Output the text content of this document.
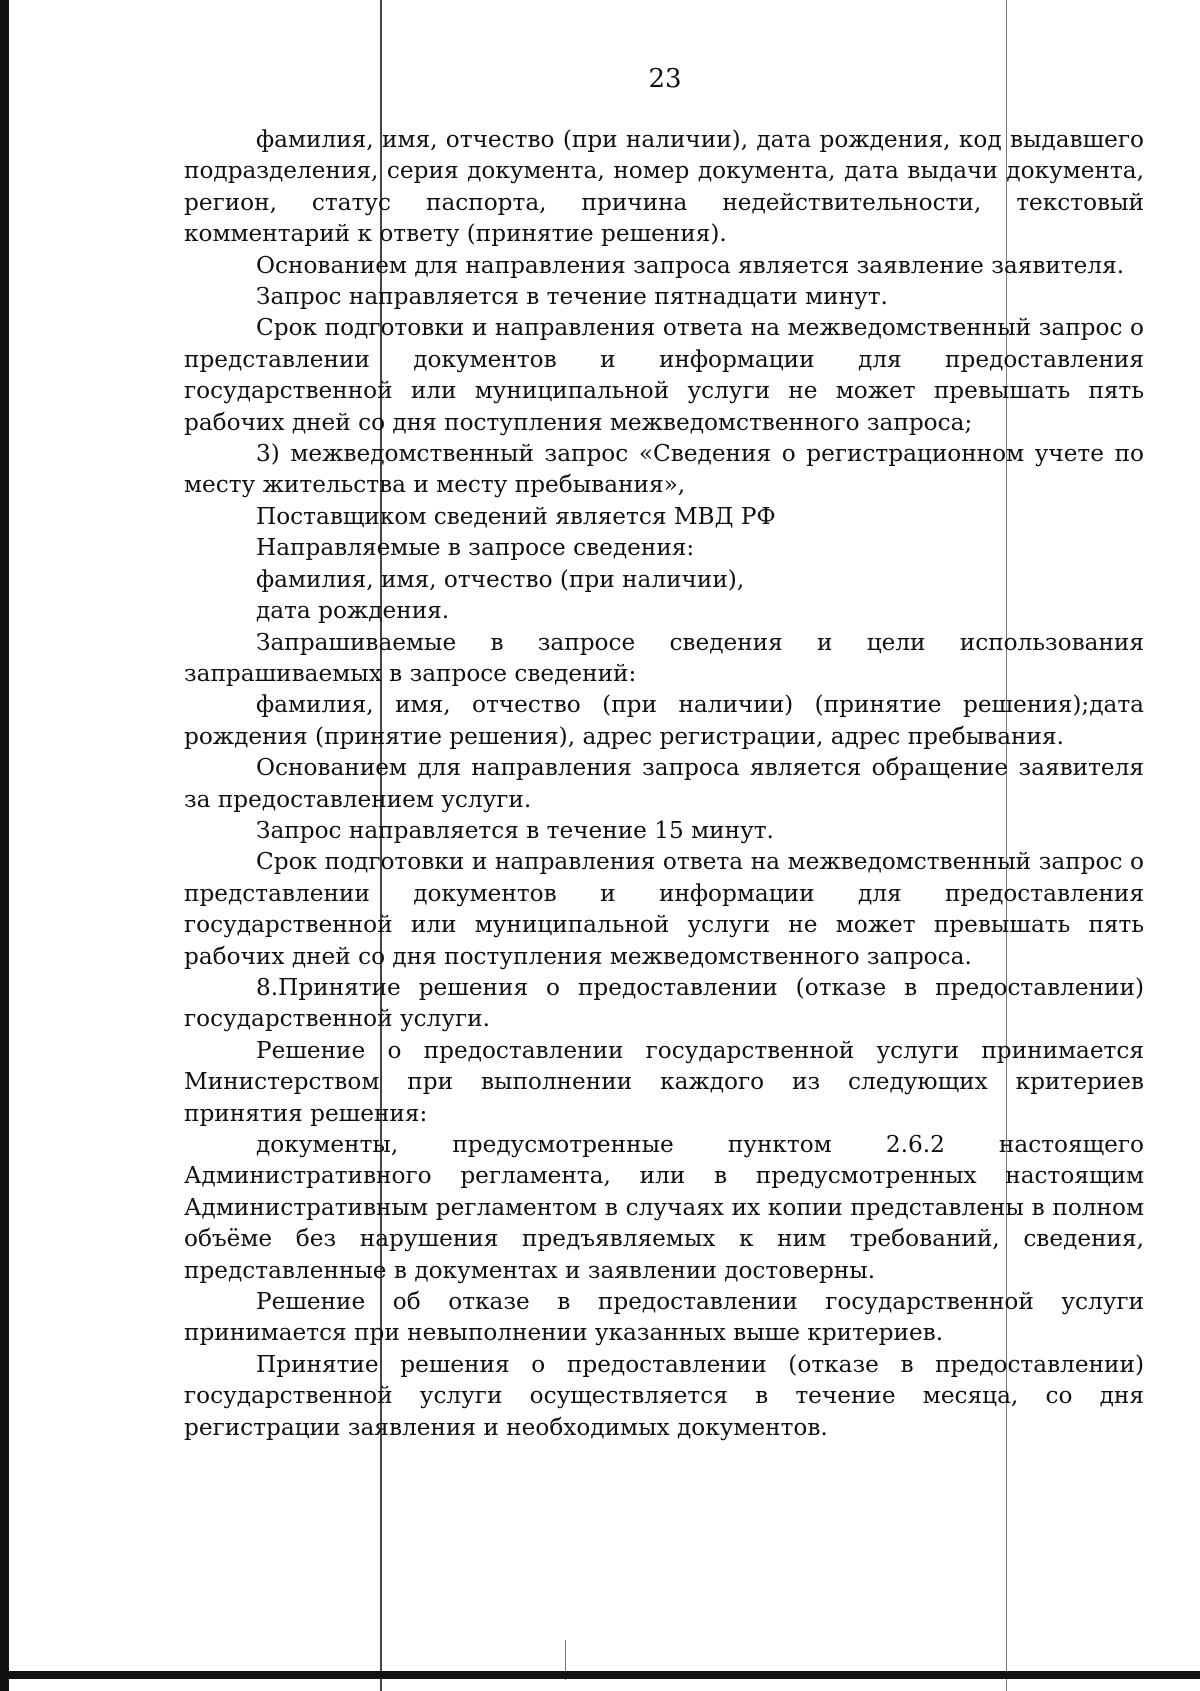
23

фамилия, имя, отчество (при наличии), дата рождения, код выдавшего подразделения, серия документа, номер документа, дата выдачи документа, регион, статус паспорта, причина недействительности, текстовый комментарий к ответу (принятие решения).

Основанием для направления запроса является заявление заявителя.

Запрос направляется в течение пятнадцати минут.

Срок подготовки и направления ответа на межведомственный запрос о представлении документов и информации для предоставления государственной или муниципальной услуги не может превышать пять рабочих дней со дня поступления межведомственного запроса;

3) межведомственный запрос «Сведения о регистрационном учете по месту жительства и месту пребывания»,

Поставщиком сведений является МВД РФ

Направляемые в запросе сведения:

фамилия, имя, отчество (при наличии),

дата рождения.

Запрашиваемые в запросе сведения и цели использования запрашиваемых в запросе сведений:

фамилия, имя, отчество (при наличии) (принятие решения);дата рождения (принятие решения), адрес регистрации, адрес пребывания.

Основанием для направления запроса является обращение заявителя за предоставлением услуги.

Запрос направляется в течение 15 минут.

Срок подготовки и направления ответа на межведомственный запрос о представлении документов и информации для предоставления государственной или муниципальной услуги не может превышать пять рабочих дней со дня поступления межведомственного запроса.

8.Принятие решения о предоставлении (отказе в предоставлении) государственной услуги.

Решение о предоставлении государственной услуги принимается Министерством при выполнении каждого из следующих критериев принятия решения:

документы, предусмотренные пунктом 2.6.2 настоящего Административного регламента, или в предусмотренных настоящим Административным регламентом в случаях их копии представлены в полном объёме без нарушения предъявляемых к ним требований, сведения, представленные в документах и заявлении достоверны.

Решение об отказе в предоставлении государственной услуги принимается при невыполнении указанных выше критериев.

Принятие решения о предоставлении (отказе в предоставлении) государственной услуги осуществляется в течение месяца, со дня регистрации заявления и необходимых документов.
